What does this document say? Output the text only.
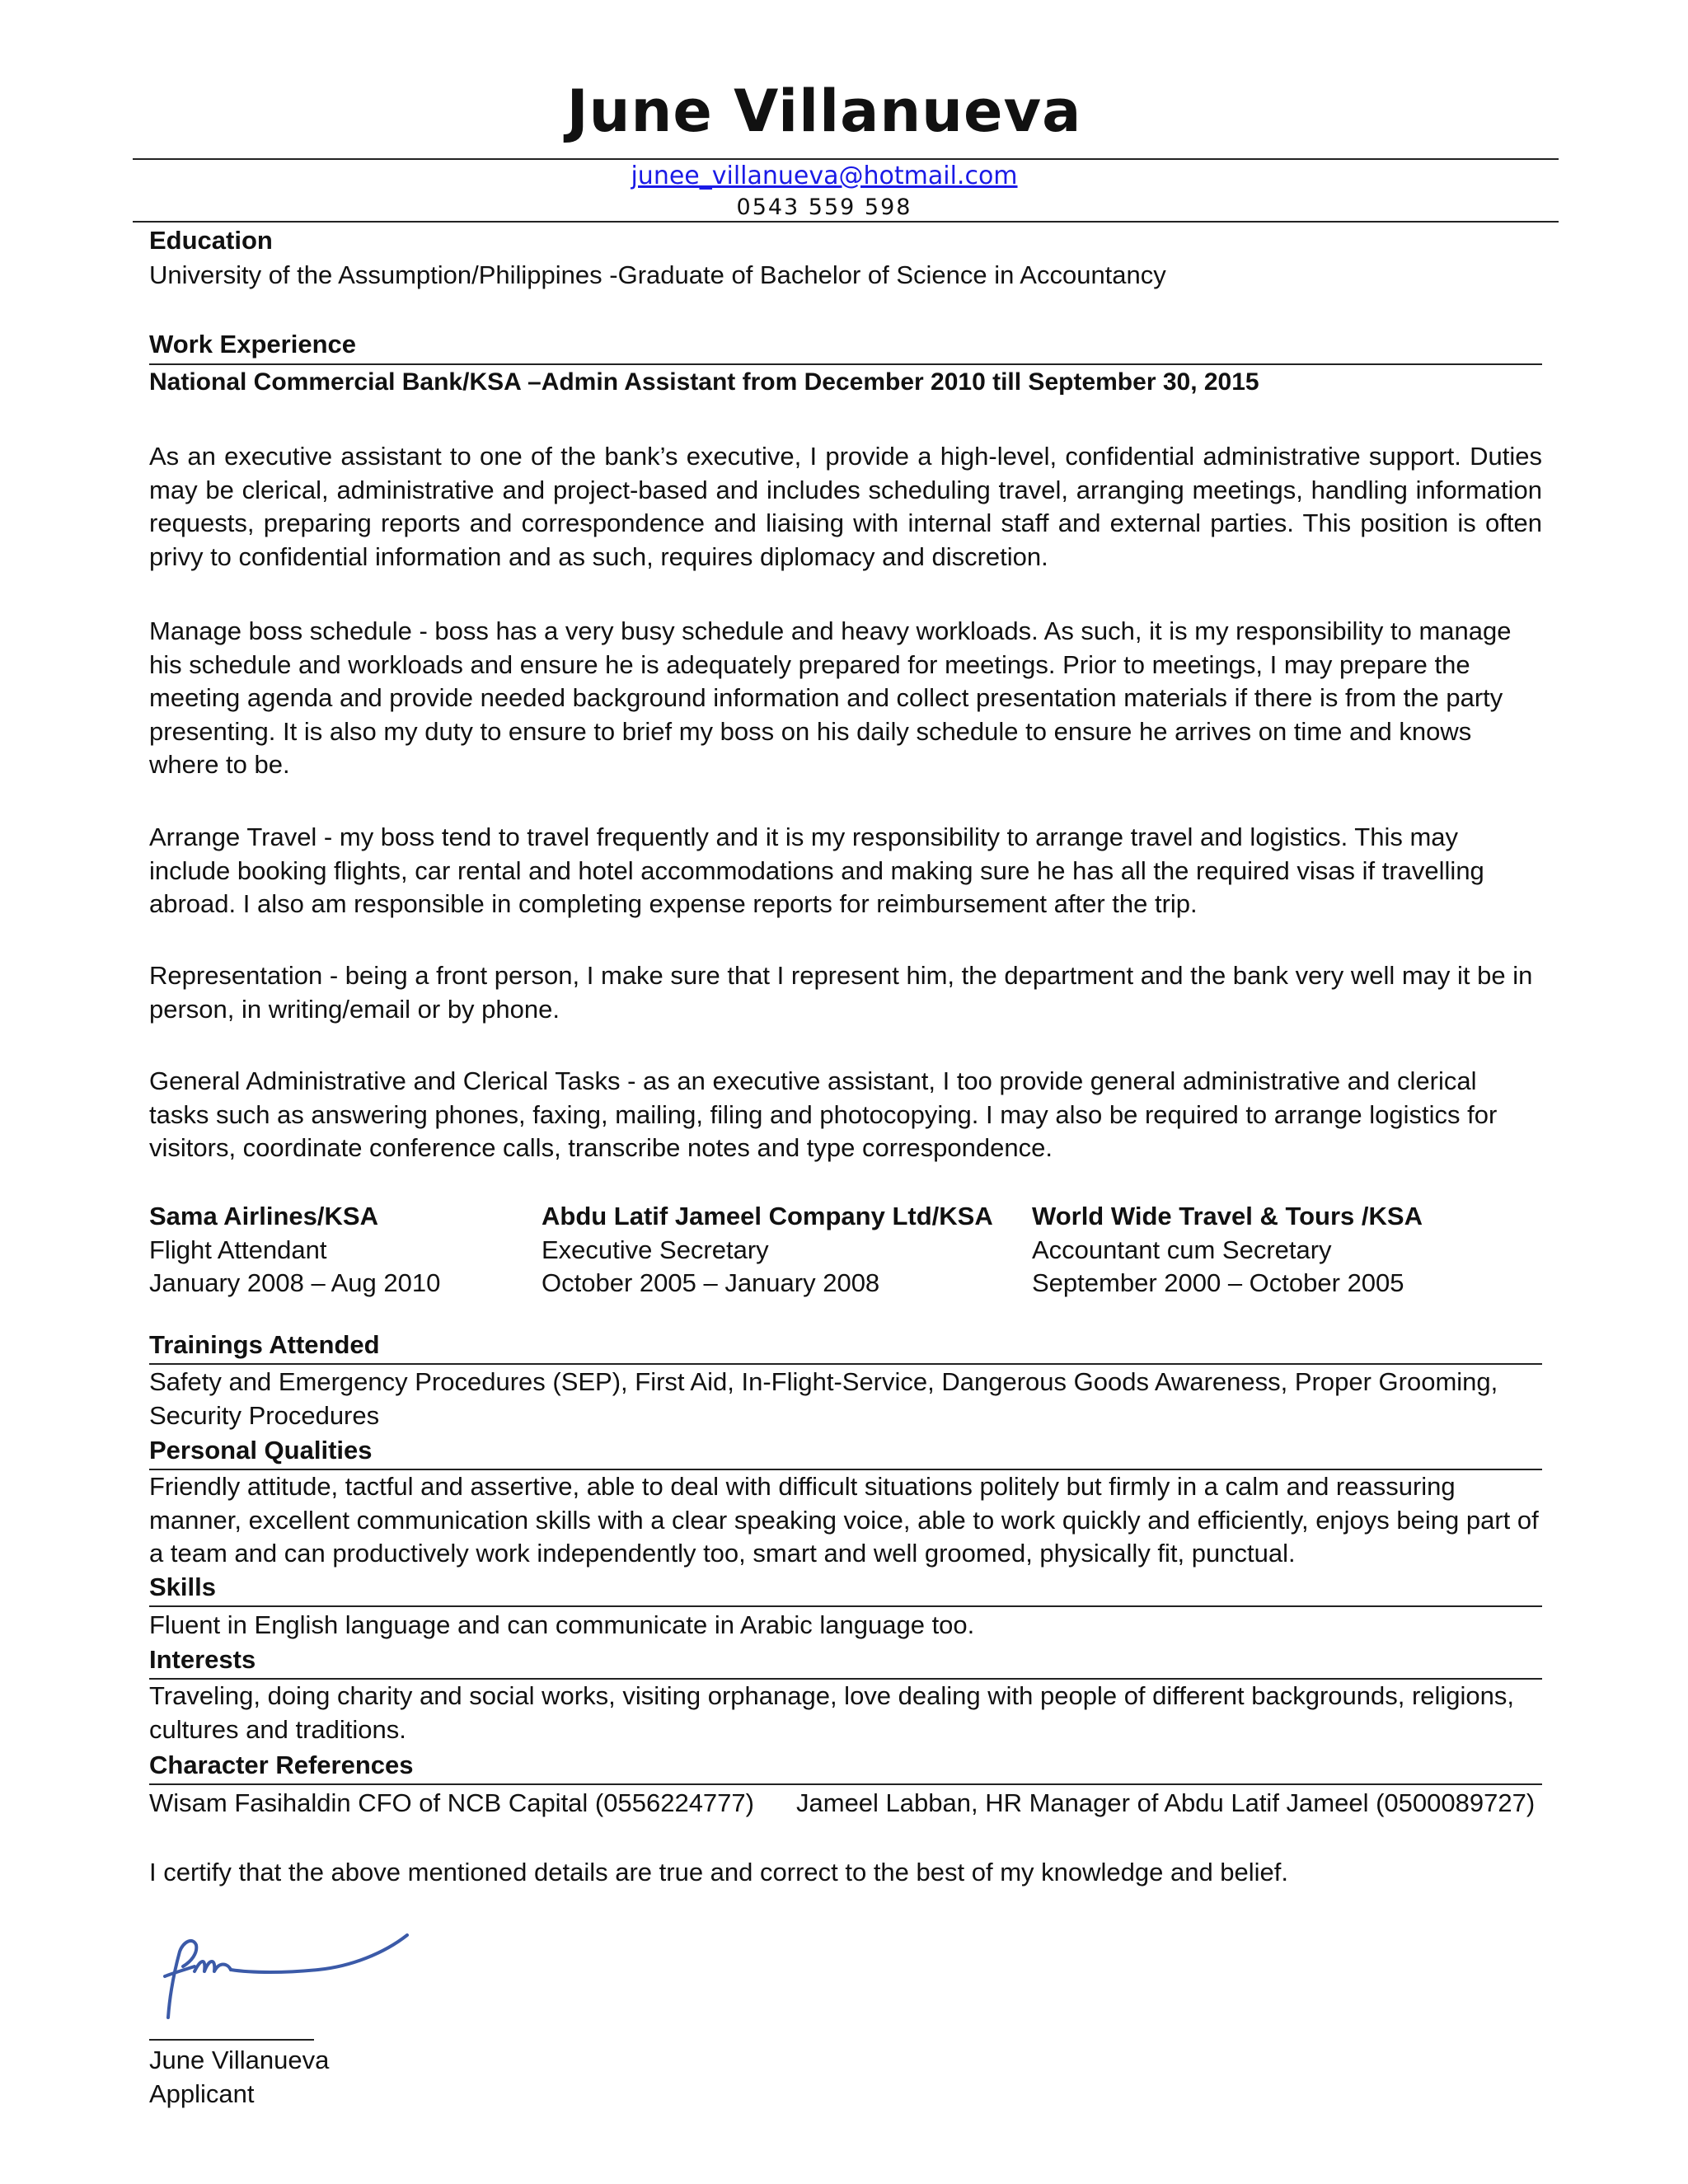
June Villanueva
junee_villanueva@hotmail.com
0543 559 598
Education
University of the Assumption/Philippines -Graduate of Bachelor of Science in Accountancy
Work Experience
National Commercial Bank/KSA –Admin Assistant from December 2010 till September 30, 2015

As an executive assistant to one of the bank’s executive, I provide a high-level, confidential administrative support. Duties may be clerical, administrative and project-based and includes scheduling travel, arranging meetings, handling information requests, preparing reports and correspondence and liaising with internal staff and external parties. This position is often privy to confidential information and as such, requires diplomacy and discretion.

Manage boss schedule - boss has a very busy schedule and heavy workloads. As such, it is my responsibility to manage his schedule and workloads and ensure he is adequately prepared for meetings. Prior to meetings, I may prepare the meeting agenda and provide needed background information and collect presentation materials if there is from the party presenting. It is also my duty to ensure to brief my boss on his daily schedule to ensure he arrives on time and knows where to be.

Arrange Travel - my boss tend to travel frequently and it is my responsibility to arrange travel and logistics. This may include booking flights, car rental and hotel accommodations and making sure he has all the required visas if travelling abroad. I also am responsible in completing expense reports for reimbursement after the trip.

Representation - being a front person, I make sure that I represent him, the department and the bank very well may it be in person, in writing/email or by phone.

General Administrative and Clerical Tasks - as an executive assistant, I too provide general administrative and clerical tasks such as answering phones, faxing, mailing, filing and photocopying. I may also be required to arrange logistics for visitors, coordinate conference calls, transcribe notes and type correspondence.

Sama Airlines/KSA
Flight Attendant
January 2008 – Aug 2010
Abdu Latif Jameel Company Ltd/KSA
Executive Secretary
October 2005 – January 2008
World Wide Travel & Tours /KSA
Accountant cum Secretary
September 2000 – October 2005
Trainings Attended

Safety and Emergency Procedures (SEP), First Aid, In-Flight-Service, Dangerous Goods Awareness, Proper Grooming, Security Procedures

Personal Qualities

Friendly attitude, tactful and assertive, able to deal with difficult situations politely but firmly in a calm and reassuring manner, excellent communication skills with a clear speaking voice, able to work quickly and efficiently, enjoys being part of a team and can productively work independently too, smart and well groomed, physically fit, punctual.

Skills
Fluent in English language and can communicate in Arabic language too.
Interests

Traveling, doing charity and social works, visiting orphanage, love dealing with people of different backgrounds, religions, cultures and traditions.

Character References
Wisam Fasihaldin CFO of NCB Capital (0556224777) Jameel Labban, HR Manager of Abdu Latif Jameel (0500089727)
I certify that the above mentioned details are true and correct to the best of my knowledge and belief.
June Villanueva
Applicant
